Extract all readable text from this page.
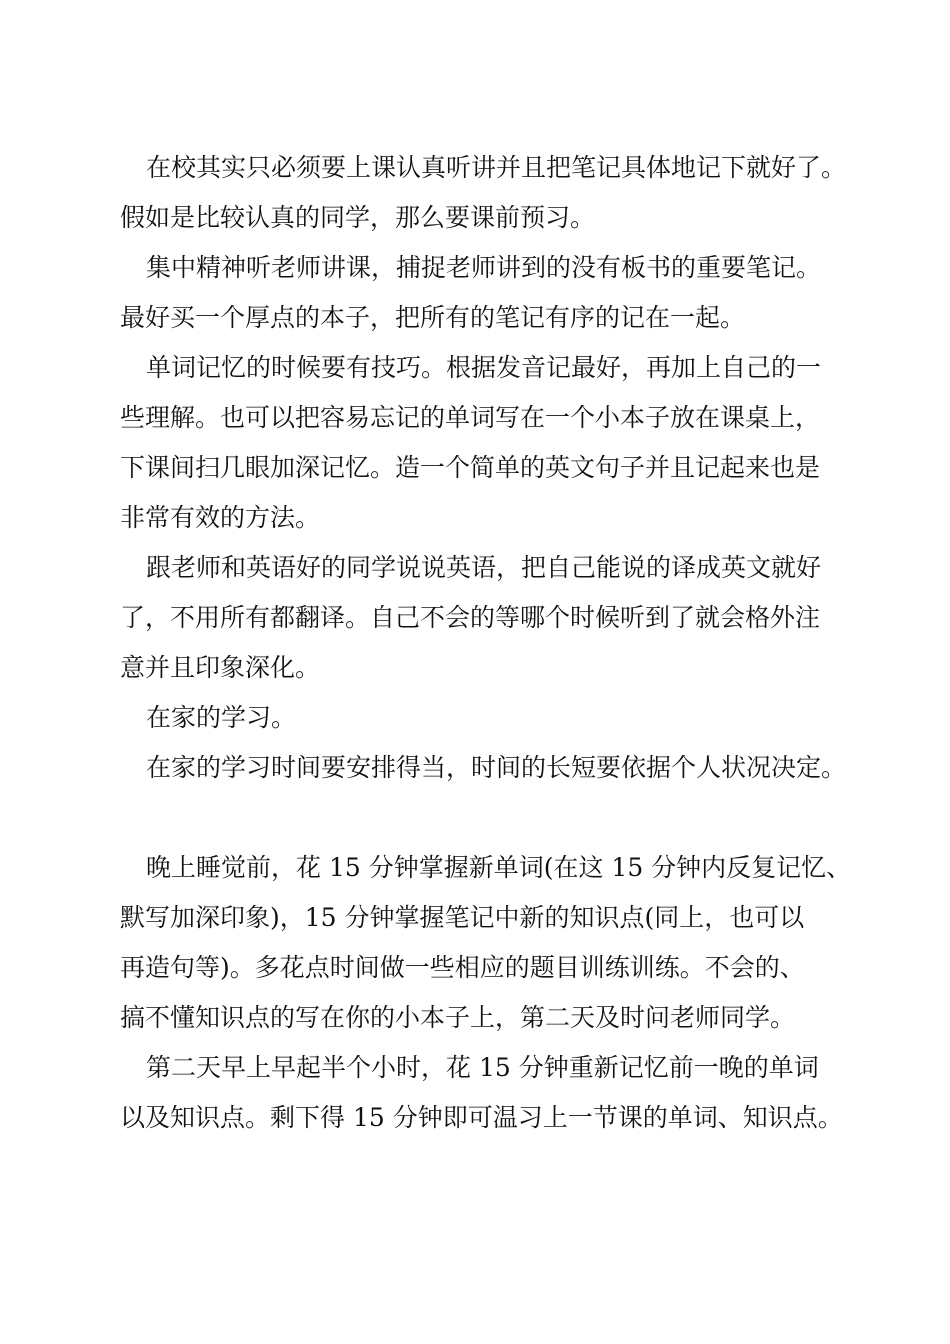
在校其实只必须要上课认真听讲并且把笔记具体地记下就好了。
假如是比较认真的同学，那么要课前预习。
集中精神听老师讲课，捕捉老师讲到的没有板书的重要笔记。
最好买一个厚点的本子，把所有的笔记有序的记在一起。
单词记忆的时候要有技巧。根据发音记最好，再加上自己的一
些理解。也可以把容易忘记的单词写在一个小本子放在课桌上，
下课间扫几眼加深记忆。造一个简单的英文句子并且记起来也是
非常有效的方法。
跟老师和英语好的同学说说英语，把自己能说的译成英文就好
了，不用所有都翻译。自己不会的等哪个时候听到了就会格外注
意并且印象深化。
在家的学习。
在家的学习时间要安排得当，时间的长短要依据个人状况决定。
晚上睡觉前，花 15 分钟掌握新单词(在这 15 分钟内反复记忆、
默写加深印象)，15 分钟掌握笔记中新的知识点(同上，也可以
再造句等)。多花点时间做一些相应的题目训练训练。不会的、
搞不懂知识点的写在你的小本子上，第二天及时问老师同学。
第二天早上早起半个小时，花 15 分钟重新记忆前一晚的单词
以及知识点。剩下得 15 分钟即可温习上一节课的单词、知识点。
